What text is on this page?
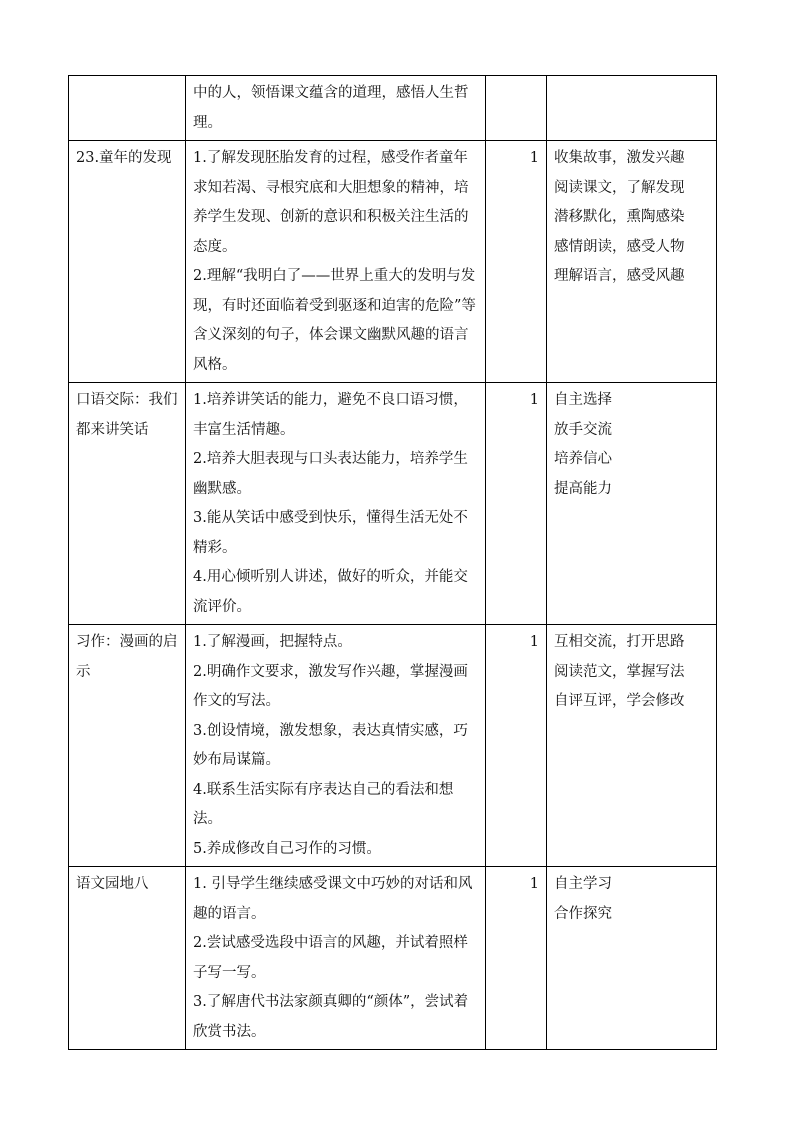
	中的人，领悟课文蕴含的道理，感悟人生哲理。		

23.童年的发现	1.了解发现胚胎发育的过程，感受作者童年求知若渴、寻根究底和大胆想象的精神，培养学生发现、创新的意识和积极关注生活的态度。
2.理解“我明白了——世界上重大的发明与发现，有时还面临着受到驱逐和迫害的危险”等含义深刻的句子，体会课文幽默风趣的语言风格。	1	收集故事，激发兴趣
阅读课文，了解发现
潜移默化，熏陶感染
感情朗读，感受人物
理解语言，感受风趣

口语交际：我们都来讲笑话	1.培养讲笑话的能力，避免不良口语习惯，丰富生活情趣。
2.培养大胆表现与口头表达能力，培养学生幽默感。
3.能从笑话中感受到快乐，懂得生活无处不精彩。
4.用心倾听别人讲述，做好的听众，并能交流评价。	1	自主选择
放手交流
培养信心
提高能力

习作：漫画的启示	1.了解漫画，把握特点。
2.明确作文要求，激发写作兴趣，掌握漫画作文的写法。
3.创设情境，激发想象，表达真情实感，巧妙布局谋篇。
4.联系生活实际有序表达自己的看法和想法。
5.养成修改自己习作的习惯。	1	互相交流，打开思路
阅读范文，掌握写法
自评互评，学会修改

语文园地八	1. 引导学生继续感受课文中巧妙的对话和风趣的语言。
2.尝试感受选段中语言的风趣，并试着照样子写一写。
3.了解唐代书法家颜真卿的“颜体”，尝试着欣赏书法。	1	自主学习
合作探究
